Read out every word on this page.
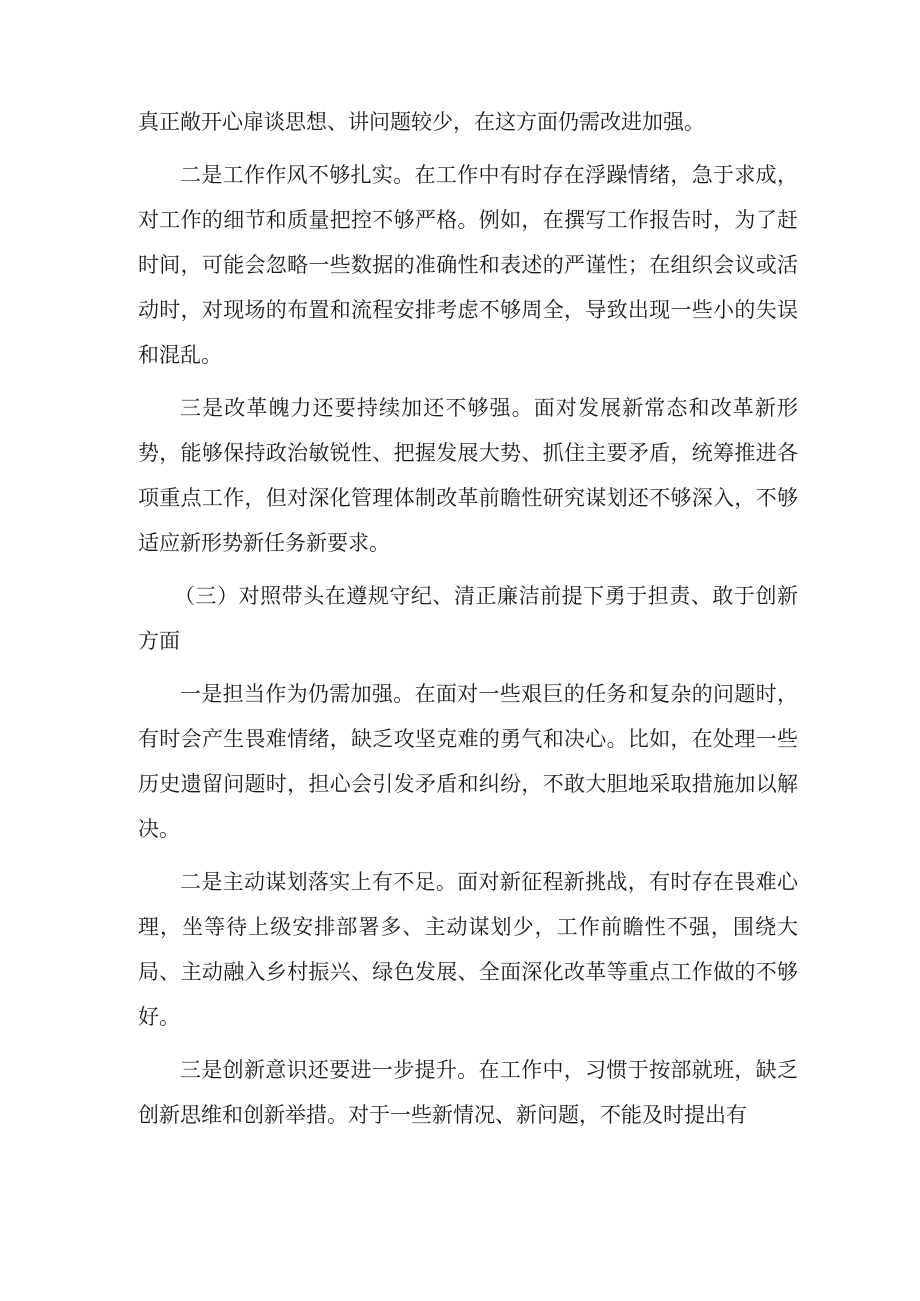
真正敞开心扉谈思想、讲问题较少，在这方面仍需改进加强。

二是工作作风不够扎实。在工作中有时存在浮躁情绪，急于求成，对工作的细节和质量把控不够严格。例如，在撰写工作报告时，为了赶时间，可能会忽略一些数据的准确性和表述的严谨性；在组织会议或活动时，对现场的布置和流程安排考虑不够周全，导致出现一些小的失误和混乱。

三是改革魄力还要持续加还不够强。面对发展新常态和改革新形势，能够保持政治敏锐性、把握发展大势、抓住主要矛盾，统筹推进各项重点工作，但对深化管理体制改革前瞻性研究谋划还不够深入，不够适应新形势新任务新要求。

（三）对照带头在遵规守纪、清正廉洁前提下勇于担责、敢于创新方面

一是担当作为仍需加强。在面对一些艰巨的任务和复杂的问题时，有时会产生畏难情绪，缺乏攻坚克难的勇气和决心。比如，在处理一些历史遗留问题时，担心会引发矛盾和纠纷，不敢大胆地采取措施加以解决。

二是主动谋划落实上有不足。面对新征程新挑战，有时存在畏难心理，坐等待上级安排部署多、主动谋划少，工作前瞻性不强，围绕大局、主动融入乡村振兴、绿色发展、全面深化改革等重点工作做的不够好。

三是创新意识还要进一步提升。在工作中，习惯于按部就班，缺乏创新思维和创新举措。对于一些新情况、新问题，不能及时提出有
